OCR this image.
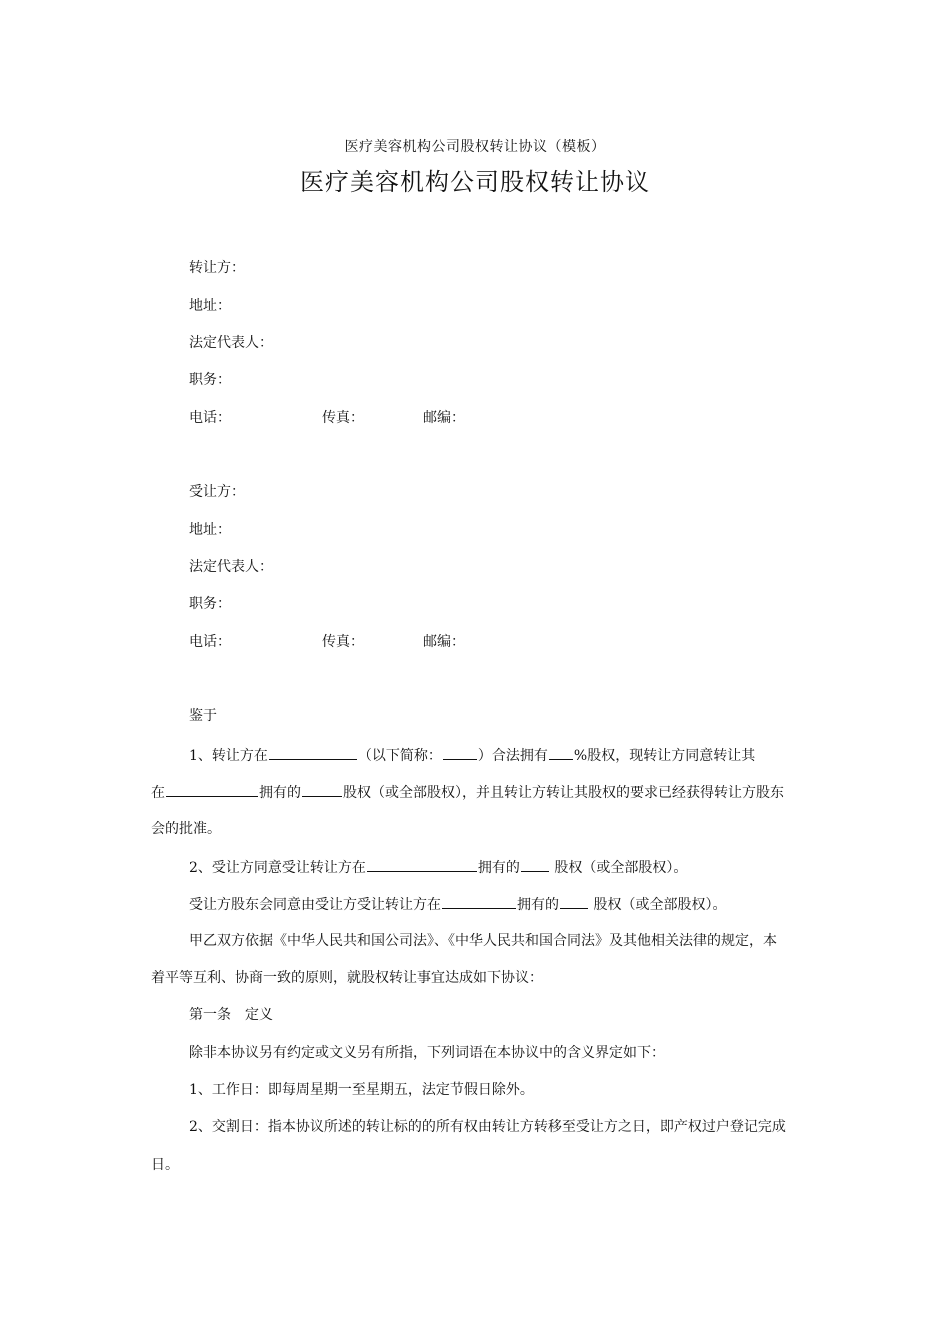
医疗美容机构公司股权转让协议（模板）
医疗美容机构公司股权转让协议
转让方：
地址：
法定代表人：
职务：
电话：	传真：	邮编：
受让方：
地址：
法定代表人：
职务：
电话：	传真：	邮编：
鉴于
1、转让方在	（以下简称：	）合法拥有 %股权，现转让方同意转让其
在	拥有的	股权（或全部股权），并且转让方转让其股权的要求已经获得转让方股东
会的批准。
2、受让方同意受让转让方在	拥有的 股权（或全部股权）。
受让方股东会同意由受让方受让转让方在	拥有的 股权（或全部股权）。
甲乙双方依据《中华人民共和国公司法》、《中华人民共和国合同法》及其他相关法律的规定，本
着平等互利、协商一致的原则，就股权转让事宜达成如下协议：
第一条　定义
除非本协议另有约定或文义另有所指，下列词语在本协议中的含义界定如下：
1、工作日：即每周星期一至星期五，法定节假日除外。
2、交割日：指本协议所述的转让标的的所有权由转让方转移至受让方之日，即产权过户登记完成
日。
